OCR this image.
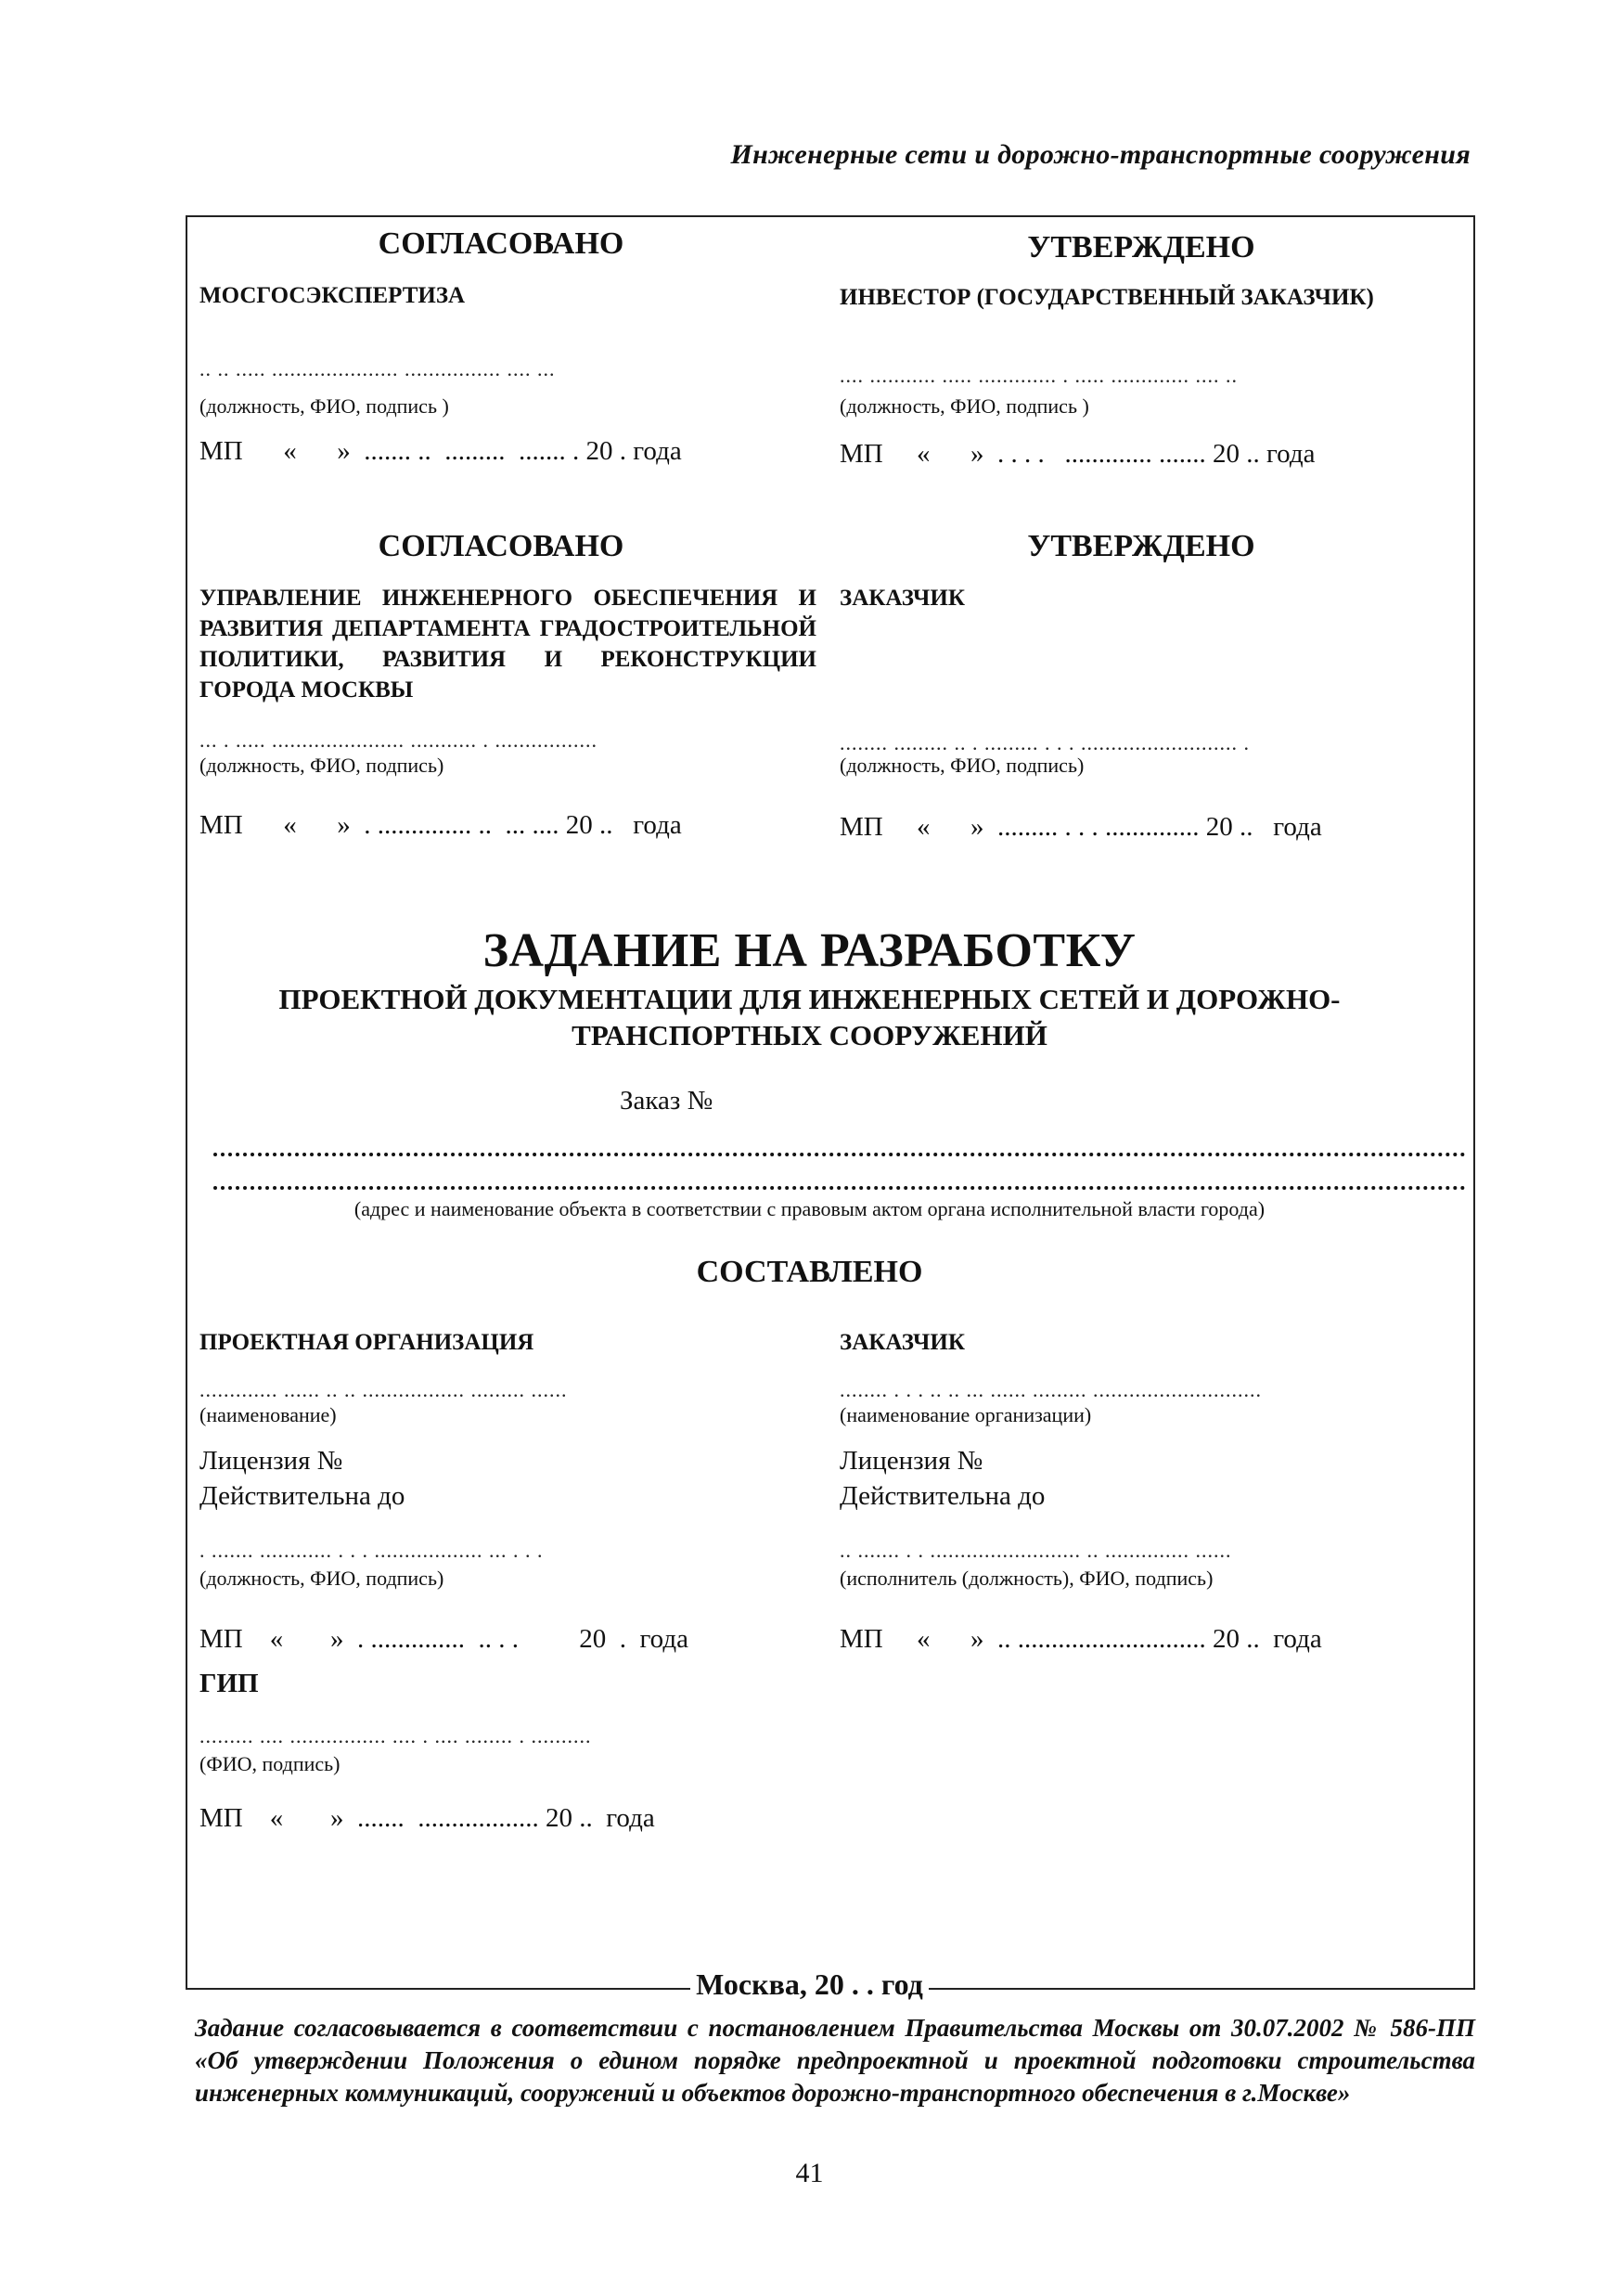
Инженерные сети и дорожно-транспортные сооружения
СОГЛАСОВАНО
МОСГОСЭКСПЕРТИЗА
.. .. ..... ..................... ................ .... ...
(должность, ФИО, подпись )
МП      «      »  ....... ..  .........  ....... . 20 . года
УТВЕРЖДЕНО
ИНВЕСТОР (ГОСУДАРСТВЕННЫЙ ЗАКАЗЧИК)
.... ........... ..... ............. . ..... ............. .... ..
(должность, ФИО, подпись )
МП     «      »  . . . .   ............. ....... 20 .. года
СОГЛАСОВАНО
УПРАВЛЕНИЕ ИНЖЕНЕРНОГО ОБЕСПЕЧЕНИЯ И РАЗВИТИЯ ДЕПАРТАМЕНТА ГРАДОСТРОИТЕЛЬНОЙ ПОЛИТИКИ, РАЗВИТИЯ И РЕКОНСТРУКЦИИ ГОРОДА МОСКВЫ
... . ..... ...................... ........... . .................
(должность, ФИО, подпись)
МП      «      »  . .............. ..  ... .... 20 ..   года
УТВЕРЖДЕНО
ЗАКАЗЧИК
........ ......... .. . ......... . . . .......................... .
(должность, ФИО, подпись)
МП     «      »  ......... . . . .............. 20 ..   года
ЗАДАНИЕ НА РАЗРАБОТКУ
ПРОЕКТНОЙ ДОКУМЕНТАЦИИ ДЛЯ ИНЖЕНЕРНЫХ СЕТЕЙ И ДОРОЖНО-
ТРАНСПОРТНЫХ СООРУЖЕНИЙ
Заказ №
(адрес и наименование объекта в соответствии с правовым актом органа исполнительной власти города)
СОСТАВЛЕНО
ПРОЕКТНАЯ ОРГАНИЗАЦИЯ
............. ...... .. .. ................. ......... ......
(наименование)
Лицензия №
Действительна до
. ....... ............ . . . .................. ... . . .
(должность, ФИО, подпись)
МП    «       »  . ..............  .. . .         20  .  года
ГИП
......... .... ................ .... . .... ........ . ..........
(ФИО, подпись)
МП    «       »  .......  .................. 20 ..  года
ЗАКАЗЧИК
........ . . . .. .. ... ...... ......... ............................
(наименование организации)
Лицензия №
Действительна до
.. ....... . . ......................... .. .............. ......
(исполнитель (должность), ФИО, подпись)
МП     «      »  .. ............................ 20 ..  года
Москва, 20 . . год
Задание согласовывается в соответствии с постановлением Правительства Москвы от 30.07.2002 № 586-ПП «Об утверждении Положения о едином порядке предпроектной и проектной подготовки строительства инженерных коммуникаций, сооружений и объектов дорожно-транспортного обеспечения в г.Москве»
41
